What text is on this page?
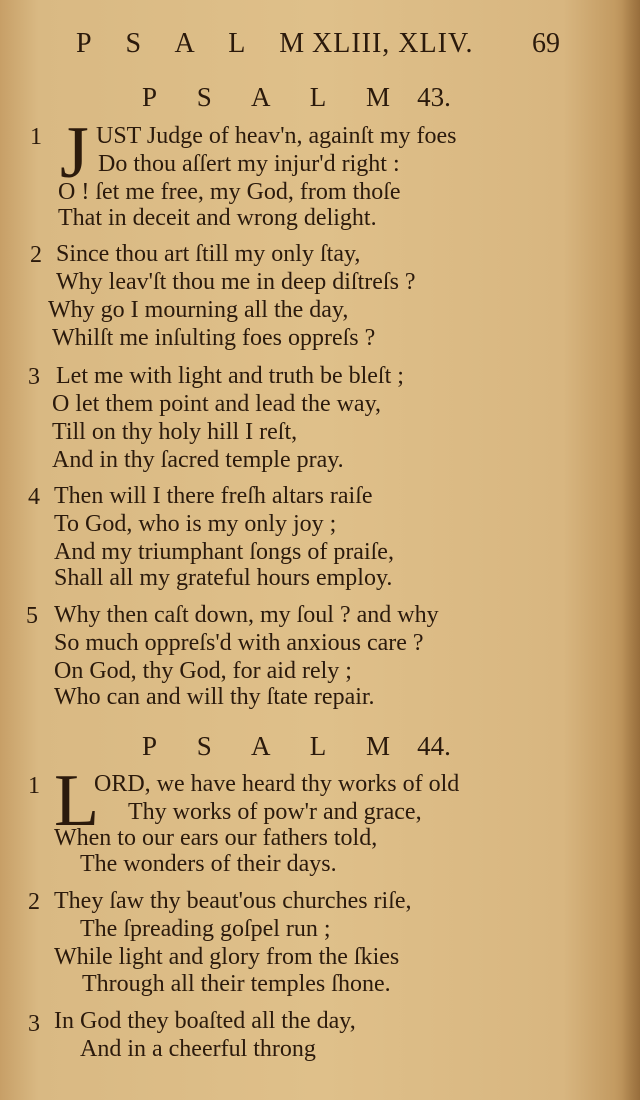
P S A L M
XLIII, XLIV. 69
P S A L M 43.
1 J UST Judge of heav'n, againſt my foes
Do thou aſſert my injur'd right :
O ! ſet me free, my God, from thoſe
That in deceit and wrong delight.
2 Since thou art ſtill my only ſtay,
Why leav'ſt thou me in deep diſtreſs ?
Why go I mourning all the day,
Whilſt me inſulting foes oppreſs ?
3 Let me with light and truth be bleſt ;
O let them point and lead the way,
Till on thy holy hill I reſt,
And in thy ſacred temple pray.
4 Then will I there freſh altars raiſe
To God, who is my only joy ;
And my triumphant ſongs of praiſe,
Shall all my grateful hours employ.
5 Why then caſt down, my ſoul ? and why
So much oppreſs'd with anxious care ?
On God, thy God, for aid rely ;
Who can and will thy ſtate repair.
P S A L M 44.
1 L
ORD, we have heard thy works of old
Thy works of pow'r and grace,
When to our ears our fathers told,
The wonders of their days.
2 They ſaw thy beaut'ous churches riſe,
The ſpreading goſpel run ;
While light and glory from the ſkies
Through all their temples ſhone.
3 In God they boaſted all the day,
And in a cheerful throng
